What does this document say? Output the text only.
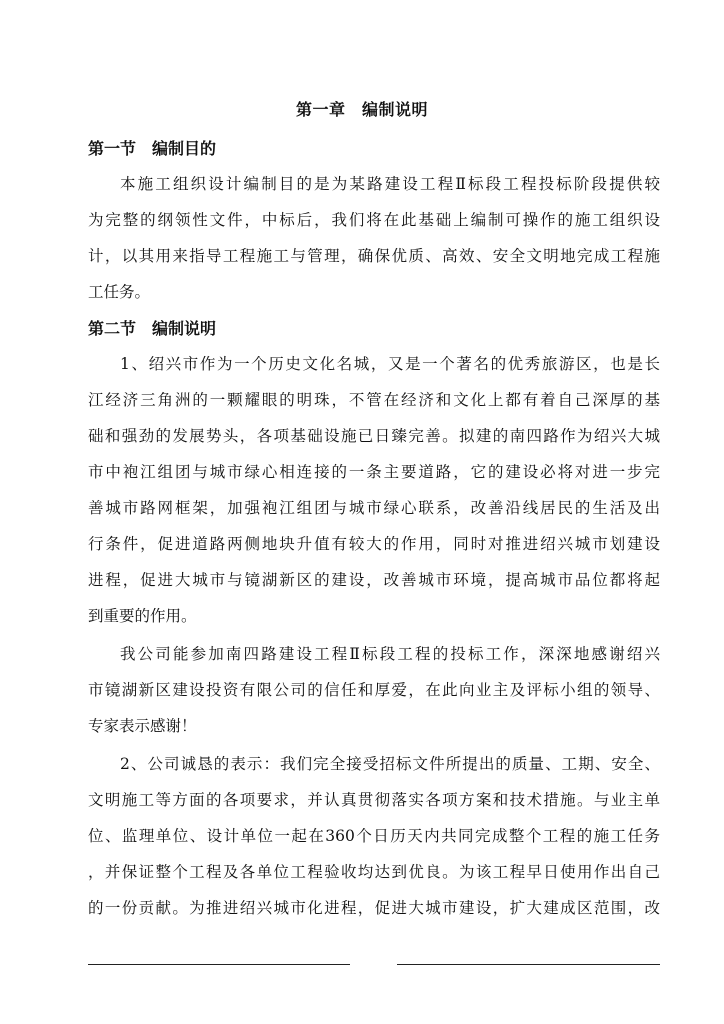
第一章　编制说明
第一节　编制目的
本施工组织设计编制目的是为某路建设工程Ⅱ标段工程投标阶段提供较
为完整的纲领性文件，中标后，我们将在此基础上编制可操作的施工组织设
计，以其用来指导工程施工与管理，确保优质、高效、安全文明地完成工程施
工任务。
第二节　编制说明
1、绍兴市作为一个历史文化名城，又是一个著名的优秀旅游区，也是长
江经济三角洲的一颗耀眼的明珠，不管在经济和文化上都有着自己深厚的基
础和强劲的发展势头，各项基础设施已日臻完善。拟建的南四路作为绍兴大城
市中袍江组团与城市绿心相连接的一条主要道路，它的建设必将对进一步完
善城市路网框架，加强袍江组团与城市绿心联系，改善沿线居民的生活及出
行条件，促进道路两侧地块升值有较大的作用，同时对推进绍兴城市划建设
进程，促进大城市与镜湖新区的建设，改善城市环境，提高城市品位都将起
到重要的作用。
我公司能参加南四路建设工程Ⅱ标段工程的投标工作，深深地感谢绍兴
市镜湖新区建设投资有限公司的信任和厚爱，在此向业主及评标小组的领导、
专家表示感谢！
2、公司诚恳的表示：我们完全接受招标文件所提出的质量、工期、安全、
文明施工等方面的各项要求，并认真贯彻落实各项方案和技术措施。与业主单
位、监理单位、设计单位一起在360个日历天内共同完成整个工程的施工任务
，并保证整个工程及各单位工程验收均达到优良。为该工程早日使用作出自己
的一份贡献。为推进绍兴城市化进程，促进大城市建设，扩大建成区范围，改
